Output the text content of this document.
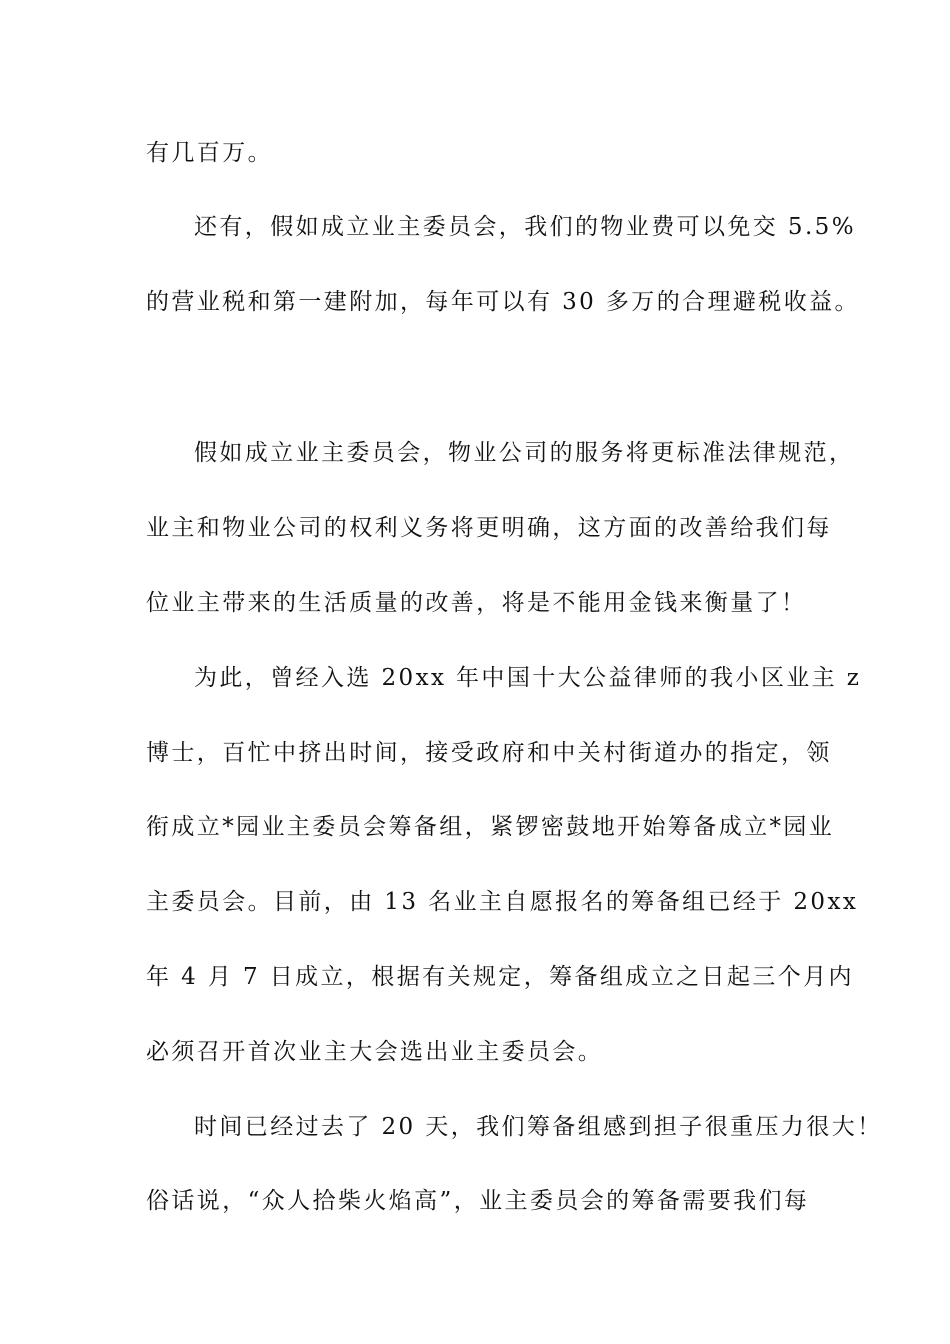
有几百万。
还有，假如成立业主委员会，我们的物业费可以免交 5.5%
的营业税和第一建附加，每年可以有 30 多万的合理避税收益。
假如成立业主委员会，物业公司的服务将更标准法律规范，
业主和物业公司的权利义务将更明确，这方面的改善给我们每
位业主带来的生活质量的改善，将是不能用金钱来衡量了！
为此，曾经入选 20xx 年中国十大公益律师的我小区业主 z
博士，百忙中挤出时间，接受政府和中关村街道办的指定，领
衔成立*园业主委员会筹备组，紧锣密鼓地开始筹备成立*园业
主委员会。目前，由 13 名业主自愿报名的筹备组已经于 20xx
年 4 月 7 日成立，根据有关规定，筹备组成立之日起三个月内
必须召开首次业主大会选出业主委员会。
时间已经过去了 20 天，我们筹备组感到担子很重压力很大！
俗话说，“众人拾柴火焰高”，业主委员会的筹备需要我们每
